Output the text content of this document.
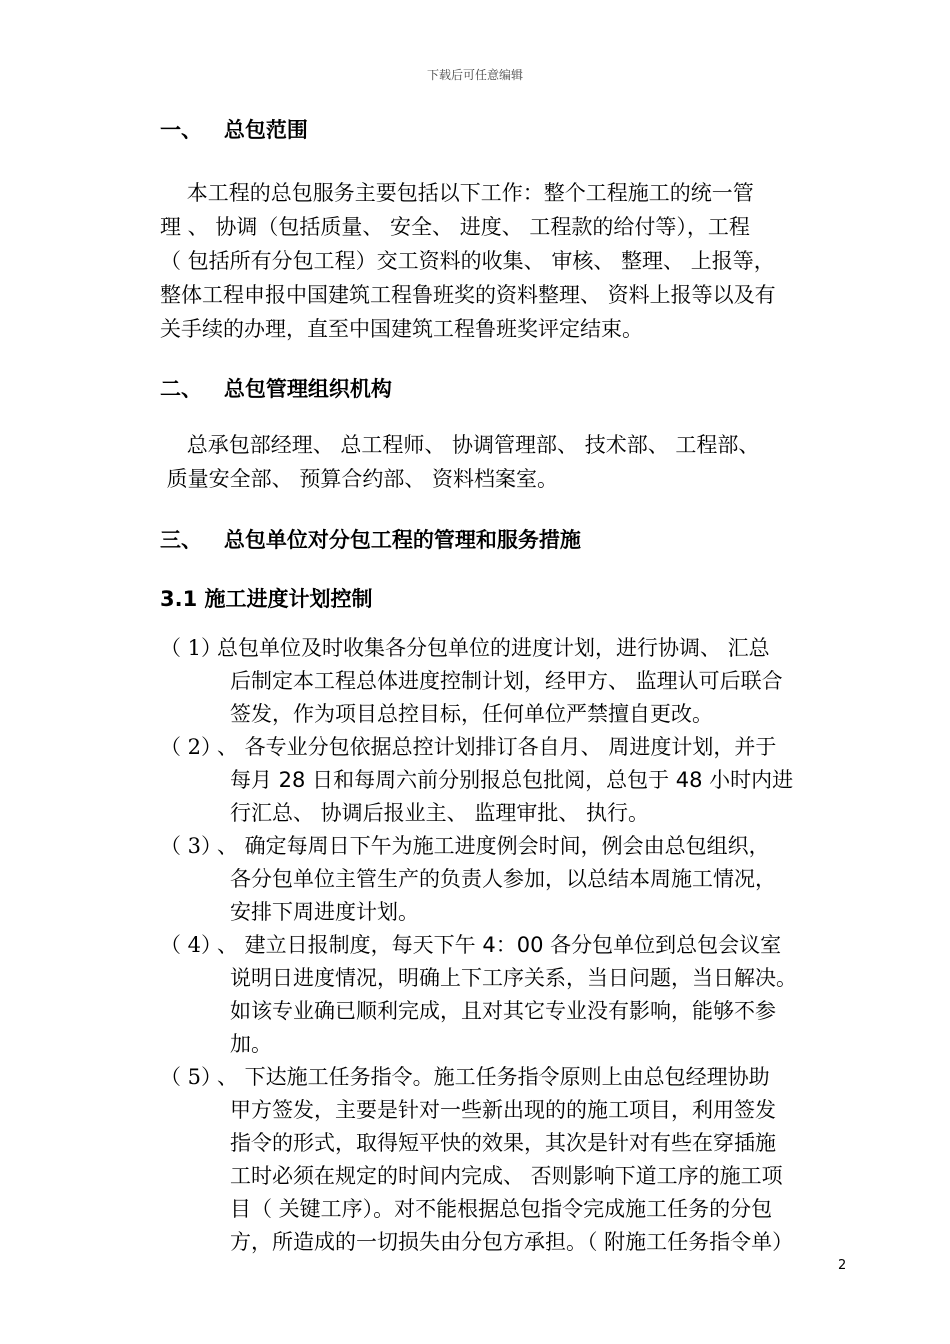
下载后可任意编辑
一、   总包范围
本工程的总包服务主要包括以下工作：整个工程施工的统一管
理 、 协调（包括质量、 安全、 进度、 工程款的给付等），工程
（ 包括所有分包工程）交工资料的收集、 审核、 整理、 上报等，
整体工程申报中国建筑工程鲁班奖的资料整理、 资料上报等以及有
关手续的办理，直至中国建筑工程鲁班奖评定结束。
二、   总包管理组织机构
总承包部经理、 总工程师、 协调管理部、 技术部、 工程部、
质量安全部、 预算合约部、 资料档案室。
三、   总包单位对分包工程的管理和服务措施
3.1 施工进度计划控制
（ 1）
总包单位及时收集各分包单位的进度计划，进行协调、 汇总
后制定本工程总体进度控制计划，经甲方、 监理认可后联合
签发，作为项目总控目标，任何单位严禁擅自更改。
（ 2）
、 各专业分包依据总控计划排订各自月、 周进度计划，并于
每月 28 日和每周六前分别报总包批阅，总包于 48 小时内进
行汇总、 协调后报业主、 监理审批、 执行。
（ 3）
、 确定每周日下午为施工进度例会时间，例会由总包组织，
各分包单位主管生产的负责人参加，以总结本周施工情况，
安排下周进度计划。
（ 4）
、 建立日报制度，每天下午 4：00 各分包单位到总包会议室
说明日进度情况，明确上下工序关系，当日问题，当日解决。
如该专业确已顺利完成，且对其它专业没有影响，能够不参
加。
（ 5）
、 下达施工任务指令。施工任务指令原则上由总包经理协助
甲方签发，主要是针对一些新出现的的施工项目，利用签发
指令的形式，取得短平快的效果，其次是针对有些在穿插施
工时必须在规定的时间内完成、 否则影响下道工序的施工项
目（ 关键工序）。对不能根据总包指令完成施工任务的分包
方，所造成的一切损失由分包方承担。（ 附施工任务指令单）
2
